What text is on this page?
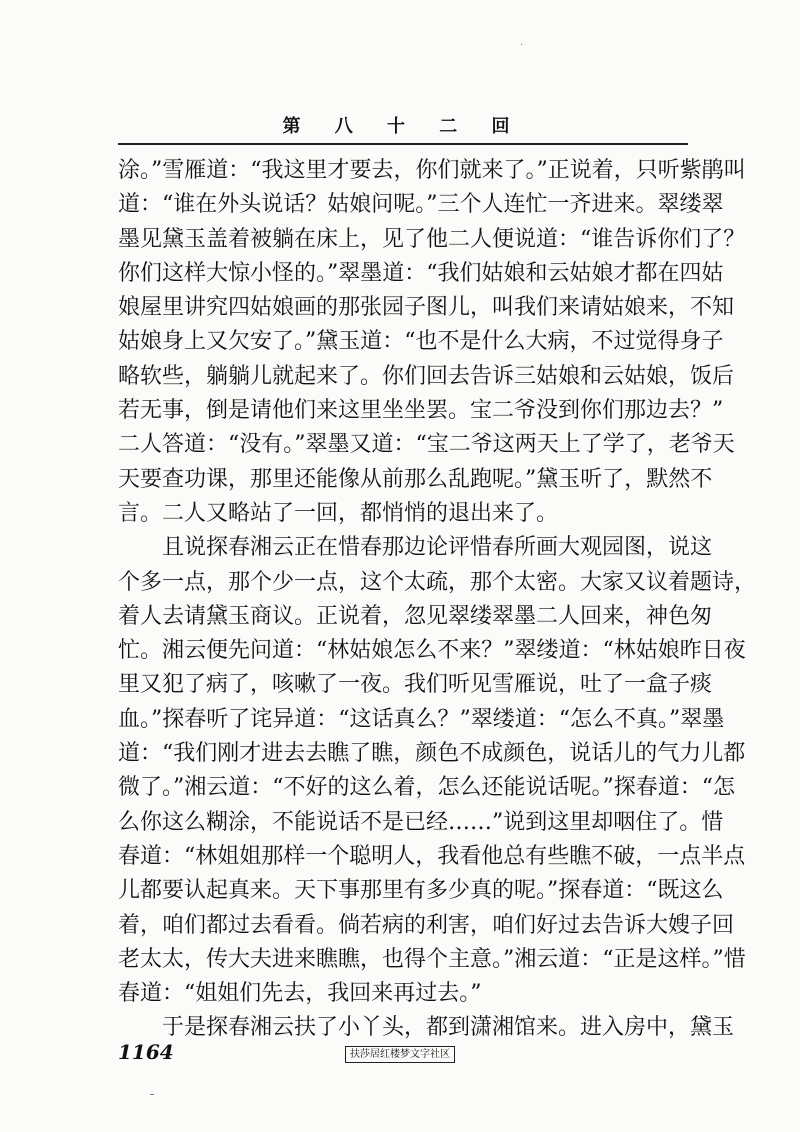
·
第 八 十 二 回
涂。”雪雁道：“我这里才要去，你们就来了。”正说着，只听紫鹃叫
道：“谁在外头说话？姑娘问呢。”三个人连忙一齐进来。翠缕翠
墨见黛玉盖着被躺在床上，见了他二人便说道：“谁告诉你们了？
你们这样大惊小怪的。”翠墨道：“我们姑娘和云姑娘才都在四姑
娘屋里讲究四姑娘画的那张园子图儿，叫我们来请姑娘来，不知
姑娘身上又欠安了。”黛玉道：“也不是什么大病，不过觉得身子
略软些，躺躺儿就起来了。你们回去告诉三姑娘和云姑娘，饭后
若无事，倒是请他们来这里坐坐罢。宝二爷没到你们那边去？”
二人答道：“没有。”翠墨又道：“宝二爷这两天上了学了，老爷天
天要查功课，那里还能像从前那么乱跑呢。”黛玉听了，默然不
言。二人又略站了一回，都悄悄的退出来了。
　　且说探春湘云正在惜春那边论评惜春所画大观园图，说这
个多一点，那个少一点，这个太疏，那个太密。大家又议着题诗，
着人去请黛玉商议。正说着，忽见翠缕翠墨二人回来，神色匆
忙。湘云便先问道：“林姑娘怎么不来？”翠缕道：“林姑娘昨日夜
里又犯了病了，咳嗽了一夜。我们听见雪雁说，吐了一盒子痰
血。”探春听了诧异道：“这话真么？”翠缕道：“怎么不真。”翠墨
道：“我们刚才进去去瞧了瞧，颜色不成颜色，说话儿的气力儿都
微了。”湘云道：“不好的这么着，怎么还能说话呢。”探春道：“怎
么你这么糊涂，不能说话不是已经……”说到这里却咽住了。惜
春道：“林姐姐那样一个聪明人，我看他总有些瞧不破，一点半点
儿都要认起真来。天下事那里有多少真的呢。”探春道：“既这么
着，咱们都过去看看。倘若病的利害，咱们好过去告诉大嫂子回
老太太，传大夫进来瞧瞧，也得个主意。”湘云道：“正是这样。”惜
春道：“姐姐们先去，我回来再过去。”
　　于是探春湘云扶了小丫头，都到潇湘馆来。进入房中，黛玉
1164	扶莎居红楼梦文字社区
-
